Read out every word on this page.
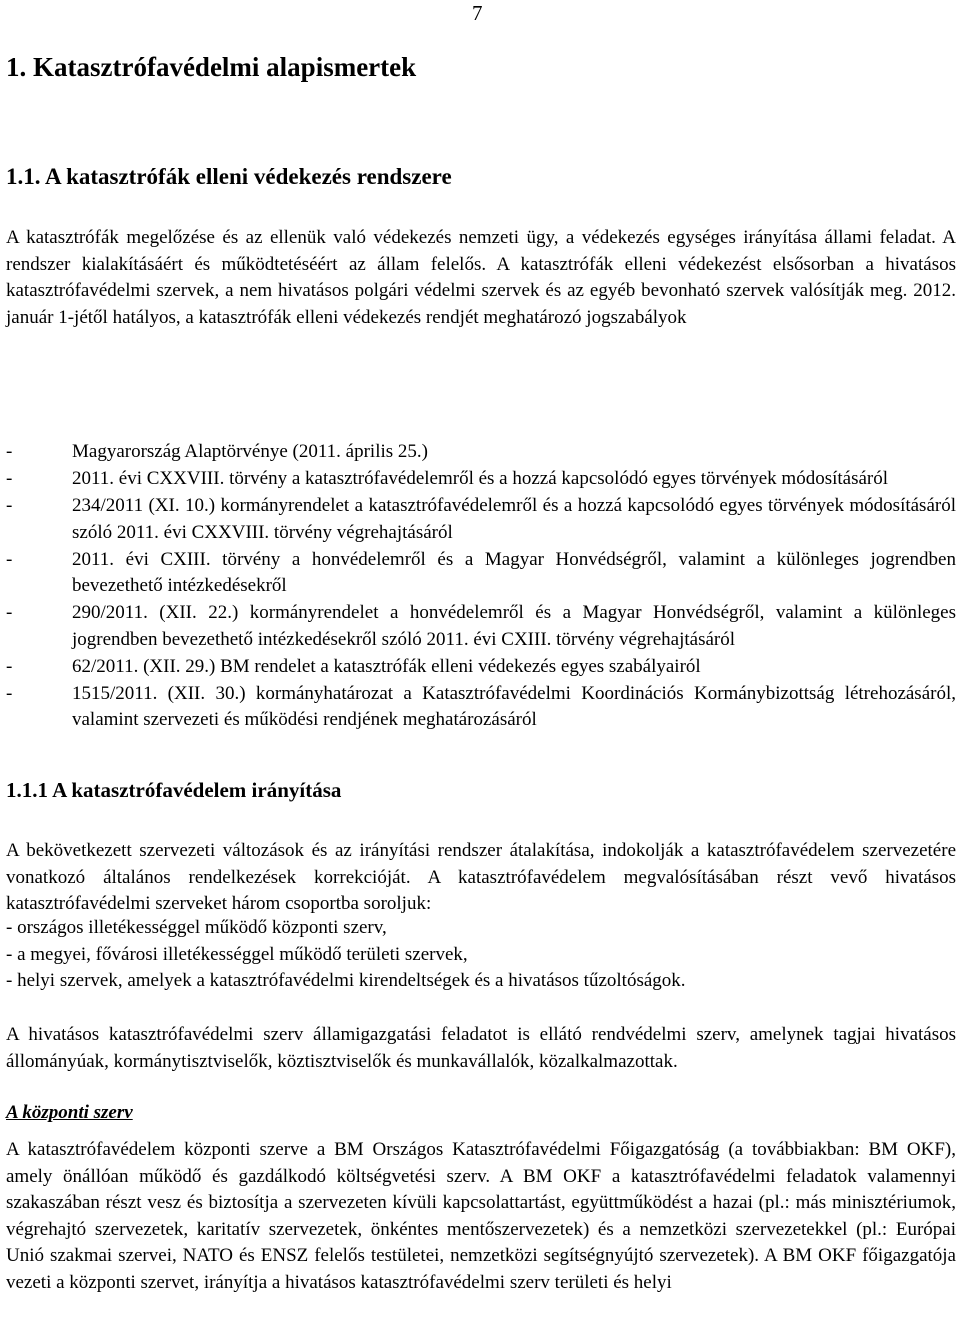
7
1. Katasztrófavédelmi alapismertek
1.1. A katasztrófák elleni védekezés rendszere

A katasztrófák megelőzése és az ellenük való védekezés nemzeti ügy, a védekezés egységes irányítása állami feladat. A rendszer kialakításáért és működtetéséért az állam felelős. A katasztrófák elleni védekezést elsősorban a hivatásos katasztrófavédelmi szervek, a nem hivatásos polgári védelmi szervek és az egyéb bevonható szervek valósítják meg. 2012. január 1-jétől hatályos, a katasztrófák elleni védekezés rendjét meghatározó jogszabályok

-	Magyarország Alaptörvénye (2011. április 25.)
-	2011. évi CXXVIII. törvény a katasztrófavédelemről és a hozzá kapcsolódó egyes törvények módosításáról
-	234/2011 (XI. 10.) kormányrendelet a katasztrófavédelemről és a hozzá kapcsolódó egyes törvények módosításáról szóló 2011. évi CXXVIII. törvény végrehajtásáról
-	2011. évi CXIII. törvény a honvédelemről és a Magyar Honvédségről, valamint a különleges jogrendben bevezethető intézkedésekről
-	290/2011. (XII. 22.) kormányrendelet a honvédelemről és a Magyar Honvédségről, valamint a különleges jogrendben bevezethető intézkedésekről szóló 2011. évi CXIII. törvény végrehajtásáról
-	62/2011. (XII. 29.) BM rendelet a katasztrófák elleni védekezés egyes szabályairól
-	1515/2011. (XII. 30.) kormányhatározat a Katasztrófavédelmi Koordinációs Kormánybizottság létrehozásáról, valamint szervezeti és működési rendjének meghatározásáról
1.1.1 A katasztrófavédelem irányítása

A bekövetkezett szervezeti változások és az irányítási rendszer átalakítása, indokolják a katasztrófavédelem szervezetére vonatkozó általános rendelkezések korrekcióját. A katasztrófavédelem megvalósításában részt vevő hivatásos katasztrófavédelmi szerveket három csoportba soroljuk:

- országos illetékességgel működő központi szerv,
- a megyei, fővárosi illetékességgel működő területi szervek,
- helyi szervek, amelyek a katasztrófavédelmi kirendeltségek és a hivatásos tűzoltóságok.

A hivatásos katasztrófavédelmi szerv államigazgatási feladatot is ellátó rendvédelmi szerv, amelynek tagjai hivatásos állományúak, kormánytisztviselők, köztisztviselők és munkavállalók, közalkalmazottak.

A központi szerv

A katasztrófavédelem központi szerve a BM Országos Katasztrófavédelmi Főigazgatóság (a továbbiakban: BM OKF), amely önállóan működő és gazdálkodó költségvetési szerv. A BM OKF a katasztrófavédelmi feladatok valamennyi szakaszában részt vesz és biztosítja a szervezeten kívüli kapcsolattartást, együttműködést a hazai (pl.: más minisztériumok, végrehajtó szervezetek, karitatív szervezetek, önkéntes mentőszervezetek) és a nemzetközi szervezetekkel (pl.: Európai Unió szakmai szervei, NATO és ENSZ felelős testületei, nemzetközi segítségnyújtó szervezetek). A BM OKF főigazgatója vezeti a központi szervet, irányítja a hivatásos katasztrófavédelmi szerv területi és helyi
